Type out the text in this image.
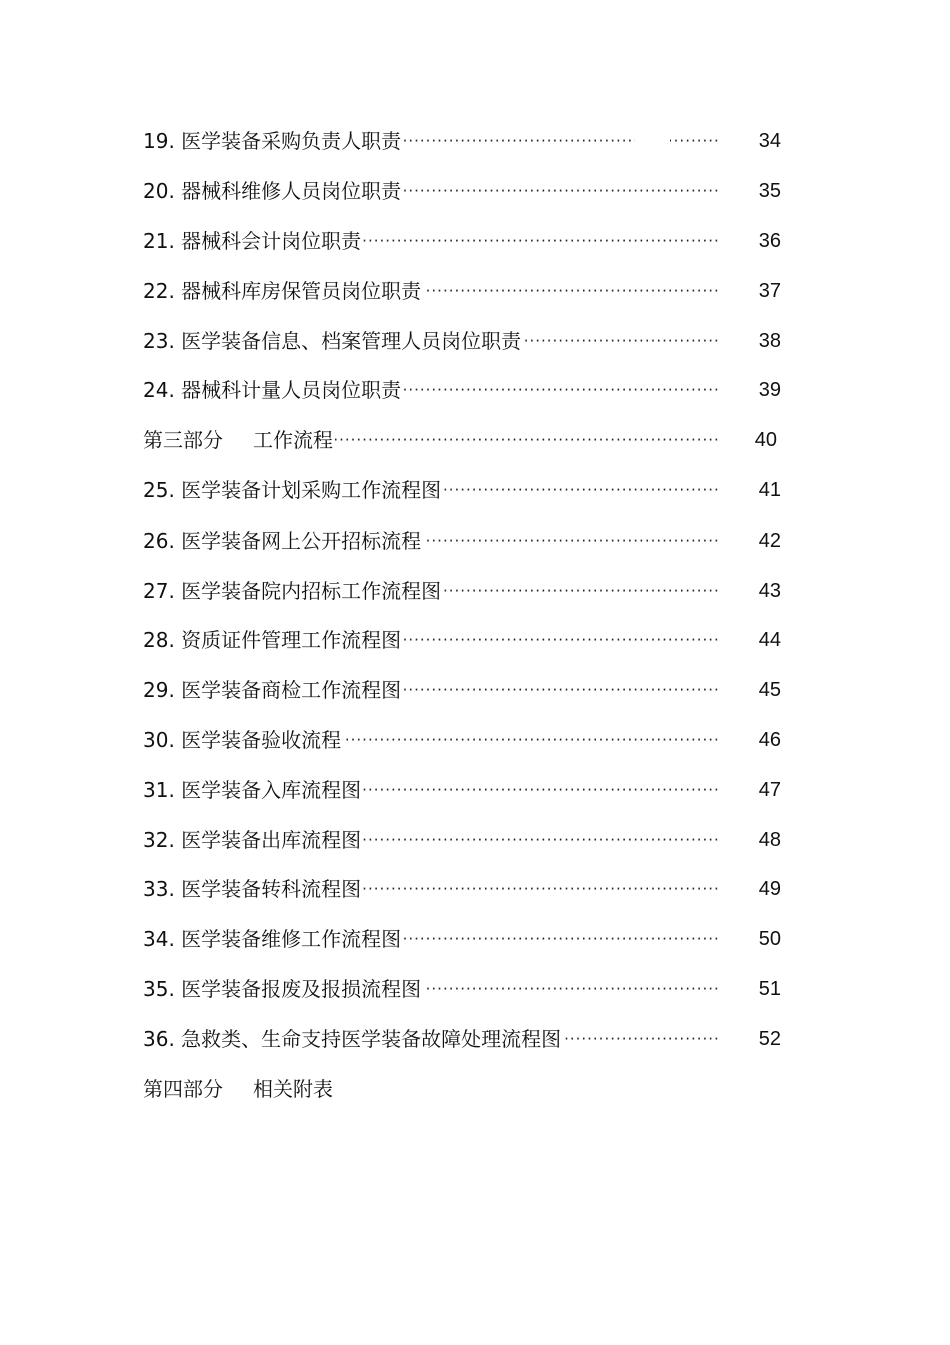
19. 医学装备采购负责人职责 ·····	34
20. 器械科维修人员岗位职责 ·····	35
21. 器械科会计岗位职责 ·····	36
22. 器械科库房保管员岗位职责 ·····	37
23. 医学装备信息、档案管理人员岗位职责 ·····	38
24. 器械科计量人员岗位职责 ·····	39
第三部分 工作流程 ·····	40
25. 医学装备计划采购工作流程图 ·····	41
26. 医学装备网上公开招标流程 ·····	42
27. 医学装备院内招标工作流程图 ·····	43
28. 资质证件管理工作流程图 ·····	44
29. 医学装备商检工作流程图 ·····	45
30. 医学装备验收流程 ·····	46
31. 医学装备入库流程图 ·····	47
32. 医学装备出库流程图 ·····	48
33. 医学装备转科流程图 ·····	49
34. 医学装备维修工作流程图 ·····	50
35. 医学装备报废及报损流程图 ·····	51
36. 急救类、生命支持医学装备故障处理流程图 ·····	52
第四部分 相关附表
